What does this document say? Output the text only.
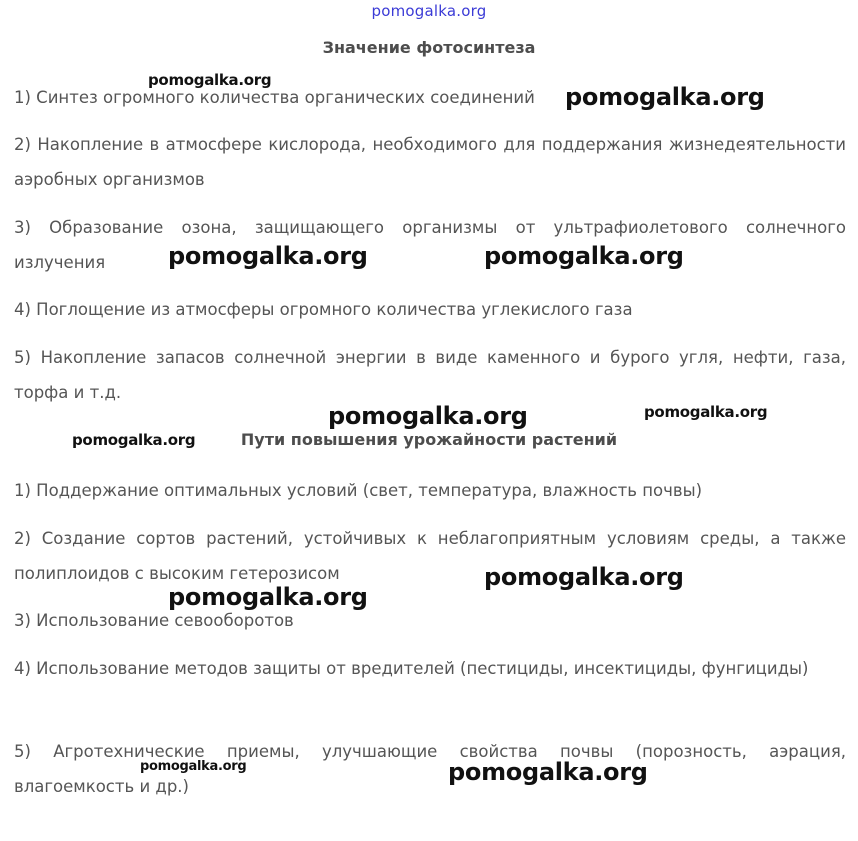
pomogalka.org
Значение фотосинтеза
1) Синтез огромного количества органических соединений
2) Накопление в атмосфере кислорода, необходимого для поддержания жизнедеятельности аэробных организмов
3) Образование озона, защищающего организмы от ультрафиолетового солнечного излучения
4) Поглощение из атмосферы огромного количества углекислого газа
5) Накопление запасов солнечной энергии в виде каменного и бурого угля, нефти, газа, торфа и т.д.
Пути повышения урожайности растений
1) Поддержание оптимальных условий (свет, температура, влажность почвы)
2) Создание сортов растений, устойчивых к неблагоприятным условиям среды, а также полиплоидов с высоким гетерозисом
3) Использование севооборотов
4) Использование методов защиты от вредителей (пестициды, инсектициды, фунгициды)
5) Агротехнические приемы, улучшающие свойства почвы (порозность, аэрация, влагоемкость и др.)
pomogalka.org
pomogalka.org
pomogalka.org	pomogalka.org
pomogalka.org	pomogalka.org
pomogalka.org
pomogalka.org
pomogalka.org
pomogalka.org	pomogalka.org
